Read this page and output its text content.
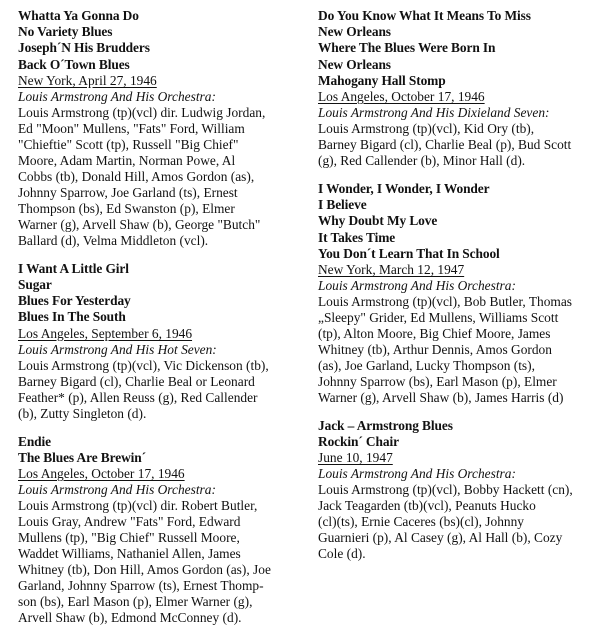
Whatta Ya Gonna Do
No Variety Blues
Joseph´N His Brudders
Back O´Town Blues
New York, April 27, 1946
Louis Armstrong And His Orchestra:
Louis Armstrong (tp)(vcl) dir. Ludwig Jordan,
Ed "Moon" Mullens, "Fats" Ford, William
"Chieftie" Scott (tp), Russell "Big Chief"
Moore, Adam Martin, Norman Powe, Al
Cobbs (tb), Donald Hill, Amos Gordon (as),
Johnny Sparrow, Joe Garland (ts), Ernest
Thompson (bs), Ed Swanston (p), Elmer
Warner (g), Arvell Shaw (b), George "Butch"
Ballard (d), Velma Middleton (vcl).
I Want A Little Girl
Sugar
Blues For Yesterday
Blues In The South
Los Angeles, September 6, 1946
Louis Armstrong And His Hot Seven:
Louis Armstrong (tp)(vcl), Vic Dickenson (tb),
Barney Bigard (cl), Charlie Beal or Leonard
Feather* (p), Allen Reuss (g), Red Callender
(b), Zutty Singleton (d).
Endie
The Blues Are Brewin´
Los Angeles, October 17, 1946
Louis Armstrong And His Orchestra:
Louis Armstrong (tp)(vcl) dir. Robert Butler,
Louis Gray, Andrew "Fats" Ford, Edward
Mullens (tp), "Big Chief" Russell Moore,
Waddet Williams, Nathaniel Allen, James
Whitney (tb), Don Hill, Amos Gordon (as), Joe
Garland, Johnny Sparrow (ts), Ernest Thomp-
son (bs), Earl Mason (p), Elmer Warner (g),
Arvell Shaw (b), Edmond McConney (d).
Do You Know What It Means To Miss
New Orleans
Where The Blues Were Born In
New Orleans
Mahogany Hall Stomp
Los Angeles, October 17, 1946
Louis Armstrong And His Dixieland Seven:
Louis Armstrong (tp)(vcl), Kid Ory (tb),
Barney Bigard (cl), Charlie Beal (p), Bud Scott
(g), Red Callender (b), Minor Hall (d).
I Wonder, I Wonder, I Wonder
I Believe
Why Doubt My Love
It Takes Time
You Don´t Learn That In School
New York, March 12, 1947
Louis Armstrong And His Orchestra:
Louis Armstrong (tp)(vcl), Bob Butler, Thomas
„Sleepy" Grider, Ed Mullens, Williams Scott
(tp), Alton Moore, Big Chief Moore, James
Whitney (tb), Arthur Dennis, Amos Gordon
(as), Joe Garland, Lucky Thompson (ts),
Johnny Sparrow (bs), Earl Mason (p), Elmer
Warner (g), Arvell Shaw (b), James Harris (d)
Jack – Armstrong Blues
Rockin´ Chair
June 10, 1947
Louis Armstrong And His Orchestra:
Louis Armstrong (tp)(vcl), Bobby Hackett (cn),
Jack Teagarden (tb)(vcl), Peanuts Hucko
(cl)(ts), Ernie Caceres (bs)(cl), Johnny
Guarnieri (p), Al Casey (g), Al Hall (b), Cozy
Cole (d).
